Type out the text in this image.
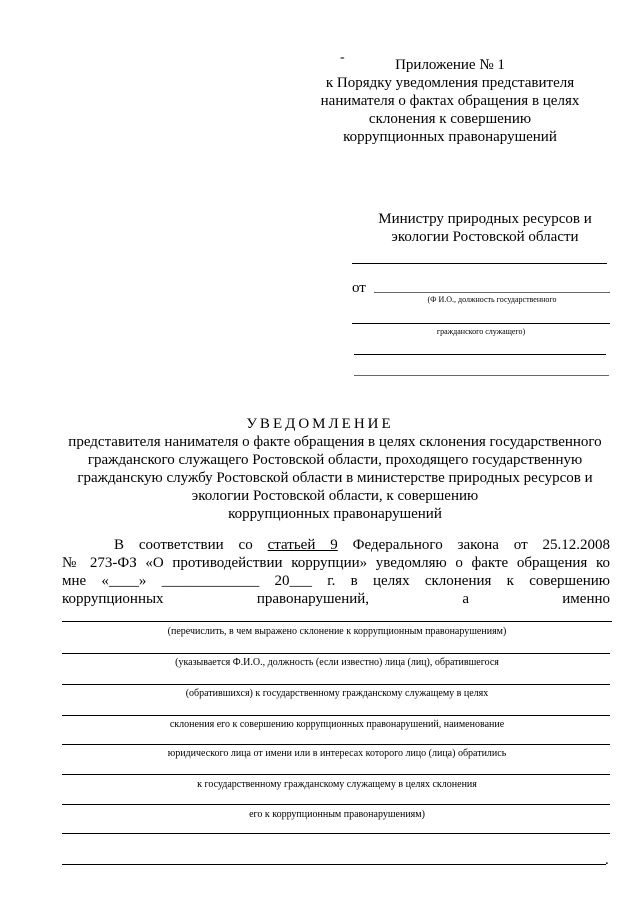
-	Приложение № 1
к Порядку уведомления представителя
нанимателя о фактах обращения в целях
склонения к совершению
коррупционных правонарушений
Министру природных ресурсов и
экологии Ростовской области
от
(Ф И.О., должность государственного
гражданского служащего)
УВЕДОМЛЕНИЕ
представителя нанимателя о факте обращения в целях склонения государственного
гражданского служащего Ростовской области, проходящего государственную
гражданскую службу Ростовской области в министерстве природных ресурсов и
экологии Ростовской области, к совершению
коррупционных правонарушений
В соответствии со статьей 9 Федерального закона от 25.12.2008
№ 273-ФЗ «О противодействии коррупции» уведомляю о факте обращения ко
мне «____» _____________ 20___ г. в целях склонения к совершению
коррупционных правонарушений, а именно
(перечислить, в чем выражено склонение к коррупционным правонарушениям)
(указывается Ф.И.О., должность (если известно) лица (лиц), обратившегося
(обратившихся) к государственному гражданскому служащему в целях
склонения его к совершению коррупционных правонарушений, наименование
юридического лица от имени или в интересах которого лицо (лица) обратились
к государственному гражданскому служащему в целях склонения
его к коррупционным правонарушениям)
.
